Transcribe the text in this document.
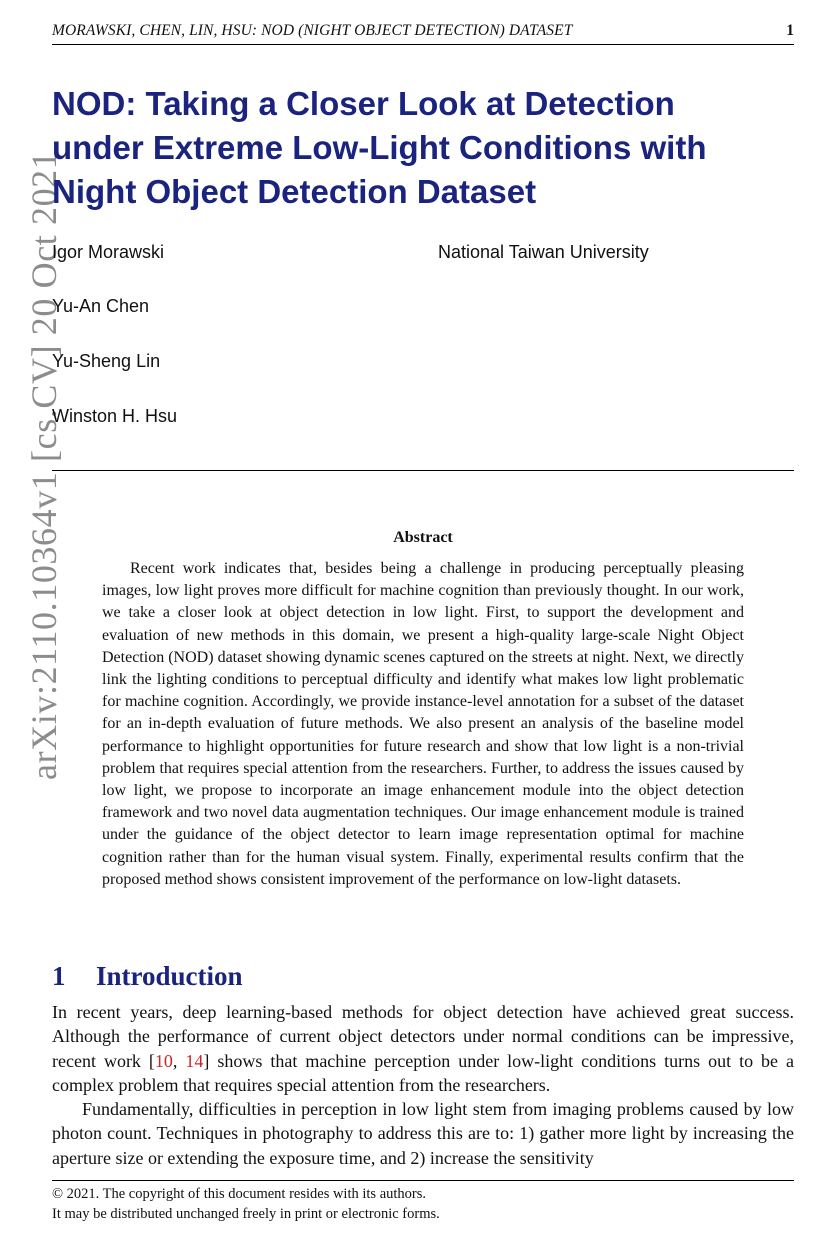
MORAWSKI, CHEN, LIN, HSU: NOD (NIGHT OBJECT DETECTION) DATASET	1
arXiv:2110.10364v1 [cs.CV] 20 Oct 2021
NOD: Taking a Closer Look at Detection
under Extreme Low-Light Conditions with
Night Object Detection Dataset
Igor Morawski
Yu-An Chen
Yu-Sheng Lin
Winston H. Hsu
National Taiwan University
Abstract
Recent work indicates that, besides being a challenge in producing perceptually pleasing images, low light proves more difficult for machine cognition than previously thought. In our work, we take a closer look at object detection in low light. First, to support the development and evaluation of new methods in this domain, we present a high-quality large-scale Night Object Detection (NOD) dataset showing dynamic scenes captured on the streets at night. Next, we directly link the lighting conditions to perceptual difficulty and identify what makes low light problematic for machine cognition. Accordingly, we provide instance-level annotation for a subset of the dataset for an in-depth evaluation of future methods. We also present an analysis of the baseline model performance to highlight opportunities for future research and show that low light is a non-trivial problem that requires special attention from the researchers. Further, to address the issues caused by low light, we propose to incorporate an image enhancement module into the object detection framework and two novel data augmentation techniques. Our image enhancement module is trained under the guidance of the object detector to learn image representation optimal for machine cognition rather than for the human visual system. Finally, experimental results confirm that the proposed method shows consistent improvement of the performance on low-light datasets.
1 Introduction

In recent years, deep learning-based methods for object detection have achieved great success. Although the performance of current object detectors under normal conditions can be impressive, recent work [10, 14] shows that machine perception under low-light conditions turns out to be a complex problem that requires special attention from the researchers.

Fundamentally, difficulties in perception in low light stem from imaging problems caused by low photon count. Techniques in photography to address this are to: 1) gather more light by increasing the aperture size or extending the exposure time, and 2) increase the sensitivity

© 2021. The copyright of this document resides with its authors.
It may be distributed unchanged freely in print or electronic forms.
